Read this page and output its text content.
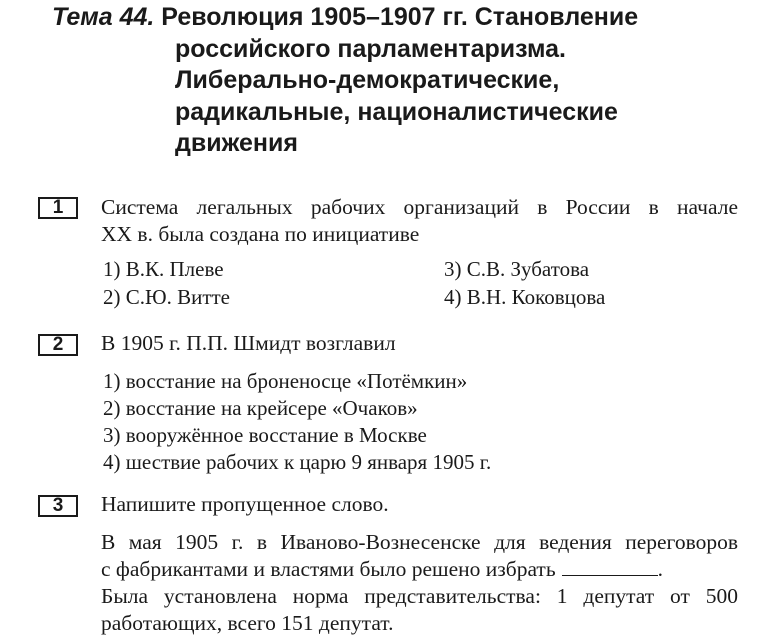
Тема 44. Революция 1905–1907 гг. Становление
российского парламентаризма.
Либерально-демократические,
радикальные, националистические
движения
1	Система легальных рабочих организаций в России в начале
XX в. была создана по инициативе
1) В.К. Плеве
2) С.Ю. Витте
3) С.В. Зубатова
4) В.Н. Коковцова
2	В 1905 г. П.П. Шмидт возглавил
1) восстание на броненосце «Потёмкин»
2) восстание на крейсере «Очаков»
3) вооружённое восстание в Москве
4) шествие рабочих к царю 9 января 1905 г.
3	Напишите пропущенное слово.
В мая 1905 г. в Иваново-Вознесенске для ведения переговоров
с фабрикантами и властями было решено избрать	.
Была установлена норма представительства: 1 депутат от 500
работающих, всего 151 депутат.
